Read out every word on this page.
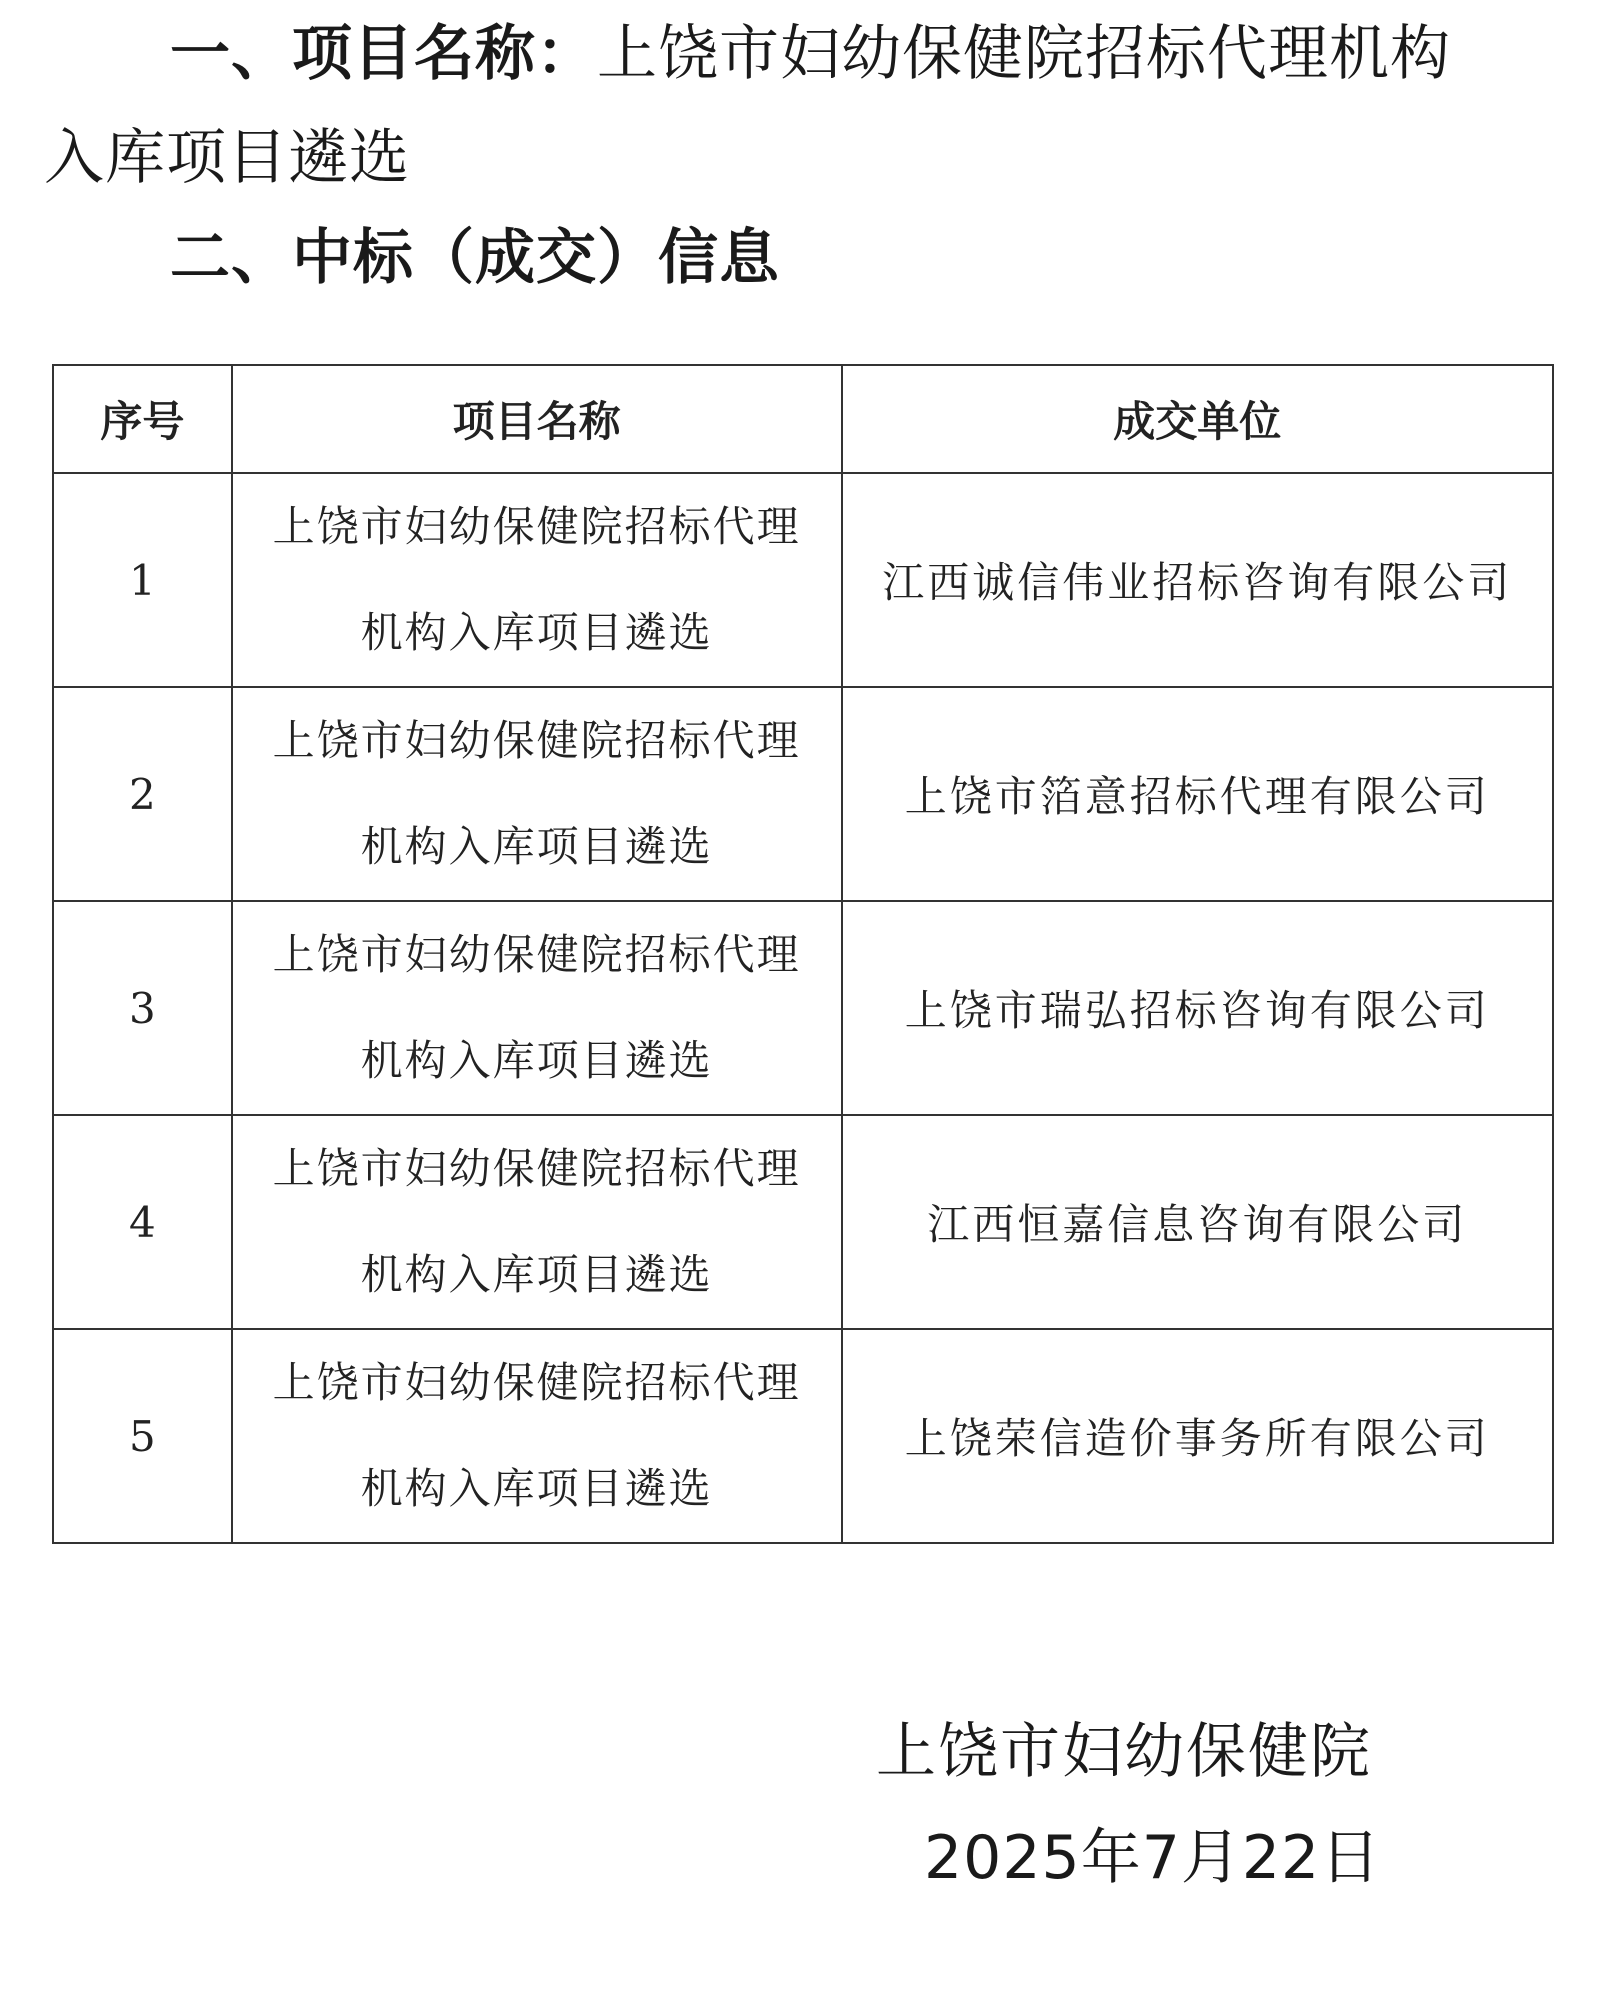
一、项目名称：上饶市妇幼保健院招标代理机构
入库项目遴选
二、中标（成交）信息
序号	项目名称	成交单位
1	上饶市妇幼保健院招标代理机构入库项目遴选	江西诚信伟业招标咨询有限公司
2	上饶市妇幼保健院招标代理机构入库项目遴选	上饶市箔意招标代理有限公司
3	上饶市妇幼保健院招标代理机构入库项目遴选	上饶市瑞弘招标咨询有限公司
4	上饶市妇幼保健院招标代理机构入库项目遴选	江西恒嘉信息咨询有限公司
5	上饶市妇幼保健院招标代理机构入库项目遴选	上饶荣信造价事务所有限公司
上饶市妇幼保健院
2025年7月22日
